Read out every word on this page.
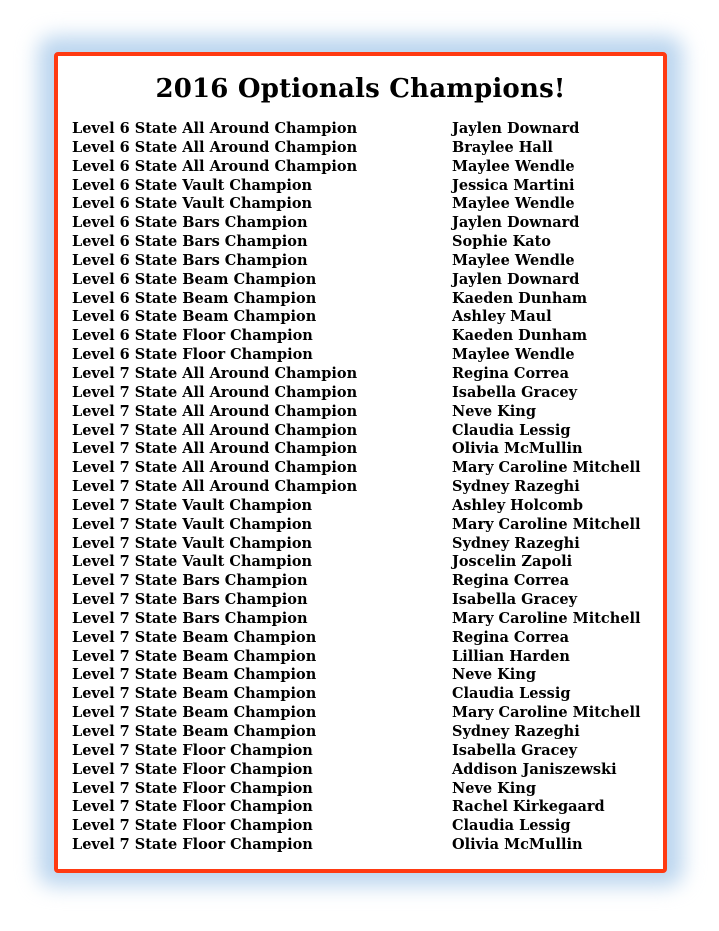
2016 Optionals Champions!
Level 6 State All Around Champion	Jaylen Downard
Level 6 State All Around Champion	Braylee Hall
Level 6 State All Around Champion	Maylee Wendle
Level 6 State Vault Champion	Jessica Martini
Level 6 State Vault Champion	Maylee Wendle
Level 6 State Bars Champion	Jaylen Downard
Level 6 State Bars Champion	Sophie Kato
Level 6 State Bars Champion	Maylee Wendle
Level 6 State Beam Champion	Jaylen Downard
Level 6 State Beam Champion	Kaeden Dunham
Level 6 State Beam Champion	Ashley Maul
Level 6 State Floor Champion	Kaeden Dunham
Level 6 State Floor Champion	Maylee Wendle
Level 7 State All Around Champion	Regina Correa
Level 7 State All Around Champion	Isabella Gracey
Level 7 State All Around Champion	Neve King
Level 7 State All Around Champion	Claudia Lessig
Level 7 State All Around Champion	Olivia McMullin
Level 7 State All Around Champion	Mary Caroline Mitchell
Level 7 State All Around Champion	Sydney Razeghi
Level 7 State Vault Champion	Ashley Holcomb
Level 7 State Vault Champion	Mary Caroline Mitchell
Level 7 State Vault Champion	Sydney Razeghi
Level 7 State Vault Champion	Joscelin Zapoli
Level 7 State Bars Champion	Regina Correa
Level 7 State Bars Champion	Isabella Gracey
Level 7 State Bars Champion	Mary Caroline Mitchell
Level 7 State Beam Champion	Regina Correa
Level 7 State Beam Champion	Lillian Harden
Level 7 State Beam Champion	Neve King
Level 7 State Beam Champion	Claudia Lessig
Level 7 State Beam Champion	Mary Caroline Mitchell
Level 7 State Beam Champion	Sydney Razeghi
Level 7 State Floor Champion	Isabella Gracey
Level 7 State Floor Champion	Addison Janiszewski
Level 7 State Floor Champion	Neve King
Level 7 State Floor Champion	Rachel Kirkegaard
Level 7 State Floor Champion	Claudia Lessig
Level 7 State Floor Champion	Olivia McMullin
